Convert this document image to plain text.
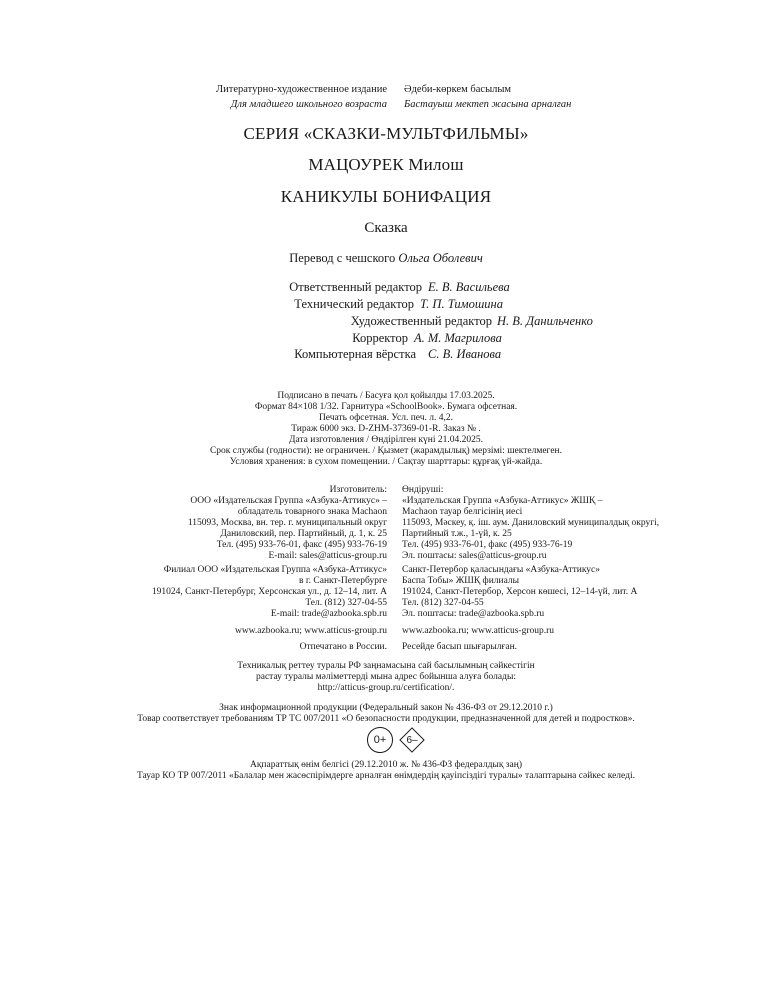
Литературно-художественное издание
Для младшего школьного возраста
Әдеби-көркем басылым
Бастауыш мектеп жасына арналған
СЕРИЯ «СКАЗКИ-МУЛЬТФИЛЬМЫ»
МАЦОУРЕК Милош
КАНИКУЛЫ БОНИФАЦИЯ
Сказка
Перевод с чешского Ольга Оболевич
Ответственный редактор Е. В. Васильева
Технический редактор Т. П. Тимошина
Художественный редактор Н. В. Данильченко
Корректор А. М. Магрилова
Компьютерная вёрстка С. В. Иванова
Подписано в печать / Басуға қол қойылды 17.03.2025.
Формат 84×108 1/32. Гарнитура «SchoolBook». Бумага офсетная.
Печать офсетная. Усл. печ. л. 4,2.
Тираж 6000 экз. D-ZHM-37369-01-R. Заказ № .
Дата изготовления / Өндірілген күні 21.04.2025.
Срок службы (годности): не ограничен. / Қызмет (жарамдылық) мерзімі: шектелмеген.
Условия хранения: в сухом помещении. / Сақтау шарттары: құрғақ үй-жайда.
Изготовитель:
ООО «Издательская Группа «Азбука-Аттикус» –
обладатель товарного знака Machaon
115093, Москва, вн. тер. г. муниципальный округ
Даниловский, пер. Партийный, д. 1, к. 25
Тел. (495) 933-76-01, факс (495) 933-76-19
E-mail: sales@atticus-group.ru
Өндіруші:
«Издательская Группа «Азбука-Аттикус» ЖШҚ –
Machaon тауар белгісінің иесі
115093, Мәскеу, қ. іш. аум. Даниловский муниципалдық округі,
Партийный т.ж., 1-үй, к. 25
Тел. (495) 933-76-01, факс (495) 933-76-19
Эл. поштасы: sales@atticus-group.ru
Филиал ООО «Издательская Группа «Азбука-Аттикус»
в г. Санкт-Петербурге
191024, Санкт-Петербург, Херсонская ул., д. 12–14, лит. А
Тел. (812) 327-04-55
E-mail: trade@azbooka.spb.ru
Санкт-Петербор қаласындағы «Азбука-Аттикус»
Баспа Тобы» ЖШҚ филиалы
191024, Санкт-Петербор, Херсон көшесі, 12–14-үй, лит. А
Тел. (812) 327-04-55
Эл. поштасы: trade@azbooka.spb.ru
www.azbooka.ru; www.atticus-group.ru www.azbooka.ru; www.atticus-group.ru
Отпечатано в России. Ресейде басып шығарылған.
Техникалық реттеу туралы РФ заңнамасына сай басылымның сәйкестігін
растау туралы мәліметтерді мына адрес бойынша алуға болады:
http://atticus-group.ru/certification/.
Знак информационной продукции (Федеральный закон № 436-ФЗ от 29.12.2010 г.)
Товар соответствует требованиям ТР ТС 007/2011 «О безопасности продукции, предназначенной для детей и подростков».
0+	6–
Ақпараттық өнім белгісі (29.12.2010 ж. № 436-ФЗ федералдық заң)
Тауар КО ТР 007/2011 «Балалар мен жасөспірімдерге арналған өнімдердің қауіпсіздігі туралы» талаптарына сәйкес келеді.
